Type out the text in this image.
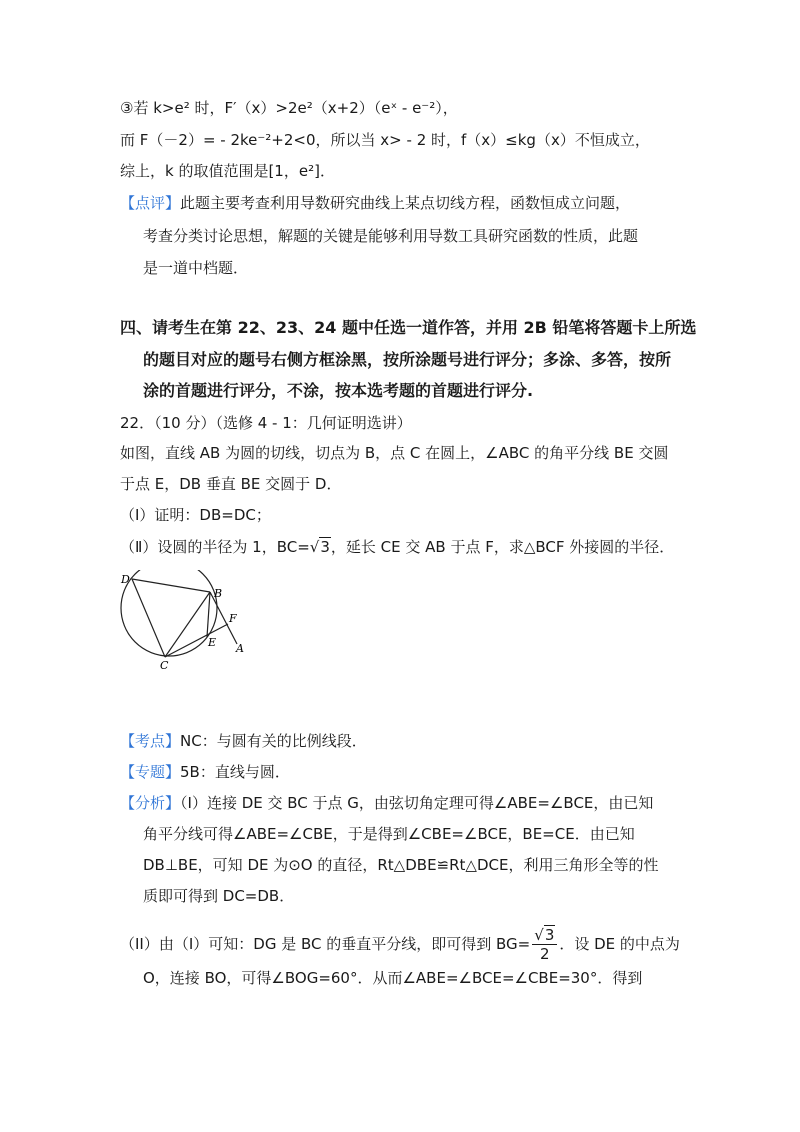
③若 k>e² 时，F′（x）>2e²（x+2）（eˣ - e⁻²），
而 F（－2）= - 2ke⁻²+2<0，所以当 x> - 2 时，f（x）≤kg（x）不恒成立，
综上，k 的取值范围是[1，e²]．
【点评】此题主要考查利用导数研究曲线上某点切线方程，函数恒成立问题，
考查分类讨论思想，解题的关键是能够利用导数工具研究函数的性质，此题
是一道中档题．
四、请考生在第 22、23、24 题中任选一道作答，并用 2B 铅笔将答题卡上所选
的题目对应的题号右侧方框涂黑，按所涂题号进行评分；多涂、多答，按所
涂的首题进行评分，不涂，按本选考题的首题进行评分.
22．（10 分）（选修 4 - 1：几何证明选讲）
如图，直线 AB 为圆的切线，切点为 B，点 C 在圆上，∠ABC 的角平分线 BE 交圆
于点 E，DB 垂直 BE 交圆于 D．
（Ⅰ）证明：DB=DC；
（Ⅱ）设圆的半径为 1，BC=√3，延长 CE 交 AB 于点 F，求△BCF 外接圆的半径．
D
B
F
E A
C
【考点】NC：与圆有关的比例线段．
【专题】5B：直线与圆．
【分析】（I）连接 DE 交 BC 于点 G，由弦切角定理可得∠ABE=∠BCE，由已知
角平分线可得∠ABE=∠CBE，于是得到∠CBE=∠BCE，BE=CE．由已知
DB⊥BE，可知 DE 为⊙O 的直径，Rt△DBE≌Rt△DCE，利用三角形全等的性
质即可得到 DC=DB．
（II）由（I）可知：DG 是 BC 的垂直平分线，即可得到 $BG= \frac{√3}{2}$ ．设 DE 的中点为
O，连接 BO，可得∠BOG=60°．从而∠ABE=∠BCE=∠CBE=30°．得到
